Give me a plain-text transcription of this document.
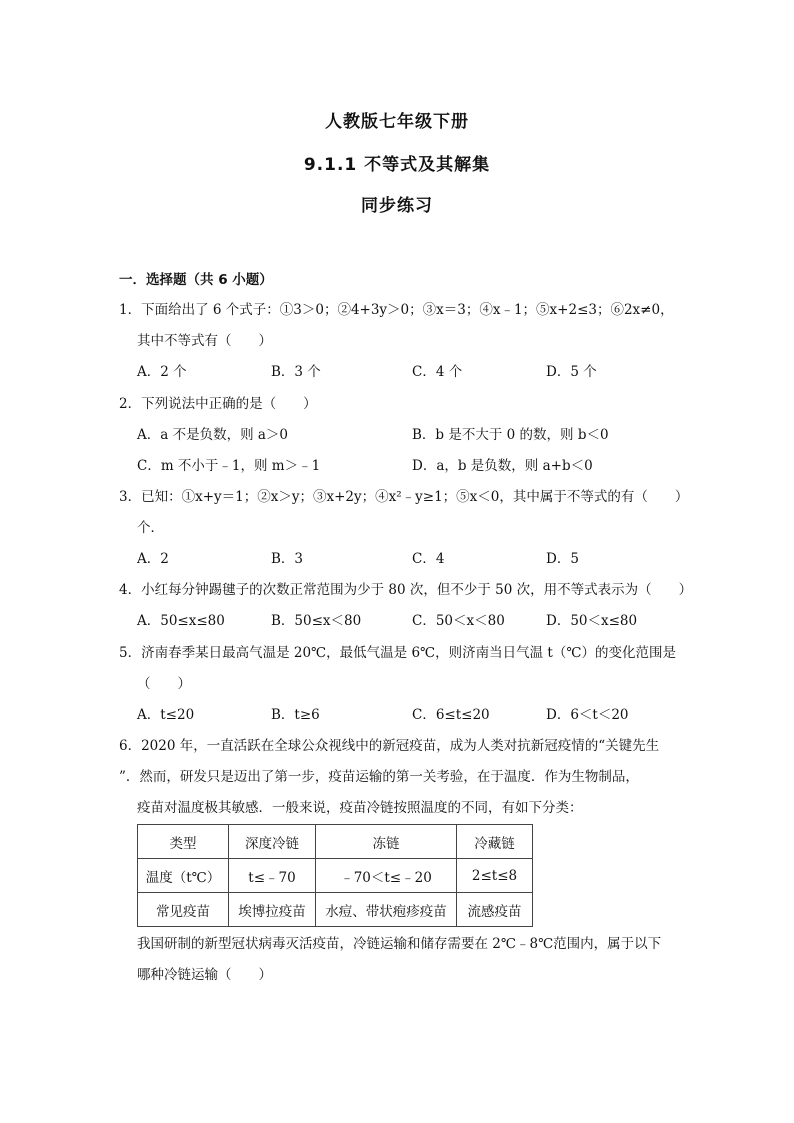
人教版七年级下册
9.1.1 不等式及其解集
同步练习
一．选择题（共 6 小题）
1．下面给出了 6 个式子：①3＞0；②4+3y＞0；③x＝3；④x﹣1；⑤x+2≤3；⑥2x≠0，
其中不等式有（　　）
A．2 个	B．3 个	C．4 个	D．5 个
2．下列说法中正确的是（　　）
A．a 不是负数，则 a＞0	B．b 是不大于 0 的数，则 b＜0
C．m 不小于﹣1，则 m＞﹣1	D．a，b 是负数，则 a+b＜0
3．已知：①x+y＝1；②x＞y；③x+2y；④x²﹣y≥1；⑤x＜0，其中属于不等式的有（　　）
个．
A．2	B．3	C．4	D．5
4．小红每分钟踢毽子的次数正常范围为少于 80 次，但不少于 50 次，用不等式表示为（　　）
A．50≤x≤80	B．50≤x＜80	C．50＜x＜80	D．50＜x≤80
5．济南春季某日最高气温是 20℃，最低气温是 6℃，则济南当日气温 t（℃）的变化范围是
（　　）
A．t≤20	B．t≥6	C．6≤t≤20	D．6＜t＜20
6．2020 年，一直活跃在全球公众视线中的新冠疫苗，成为人类对抗新冠疫情的“关键先生
”．然而，研发只是迈出了第一步，疫苗运输的第一关考验，在于温度．作为生物制品，
疫苗对温度极其敏感．一般来说，疫苗冷链按照温度的不同，有如下分类：
类型	深度冷链	冻链	冷藏链
温度（t℃）	t≤﹣70	﹣70＜t≤﹣20	2≤t≤8
常见疫苗	埃博拉疫苗	水痘、带状疱疹疫苗	流感疫苗
我国研制的新型冠状病毒灭活疫苗，冷链运输和储存需要在 2℃﹣8℃范围内，属于以下
哪种冷链运输（　　）
